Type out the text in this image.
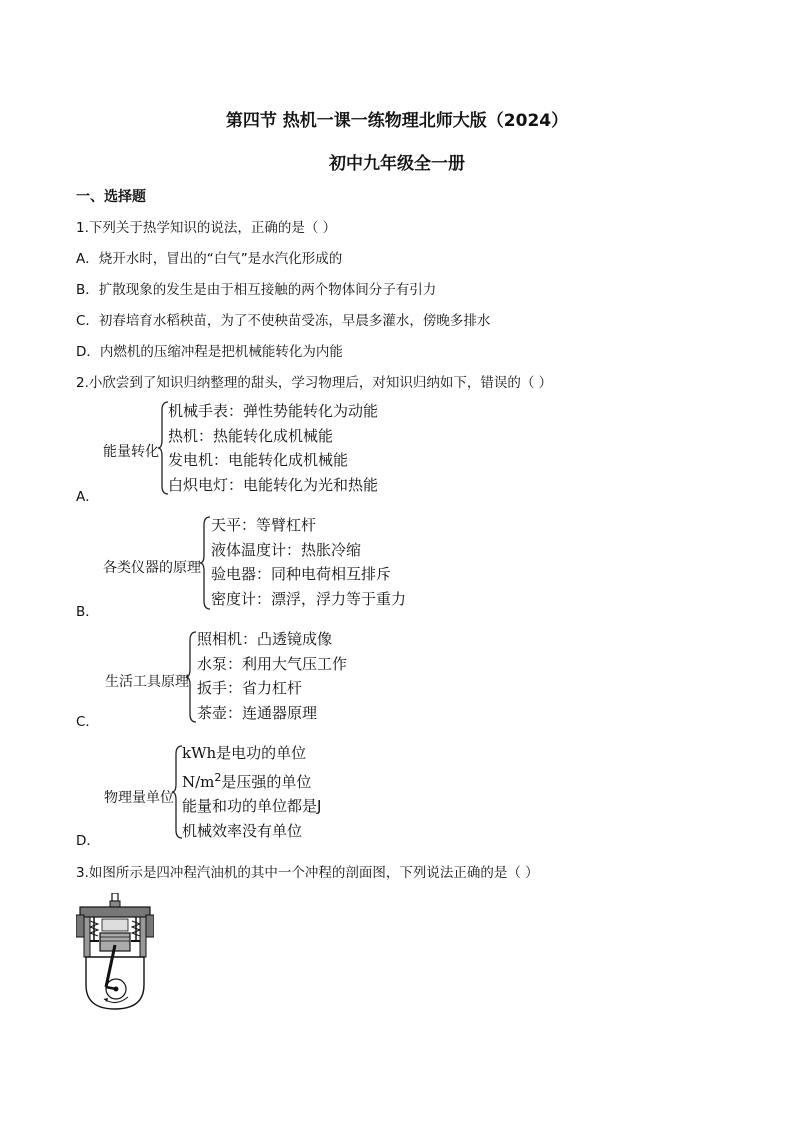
第四节 热机一课一练物理北师大版（2024）
初中九年级全一册
一、选择题
1.下列关于热学知识的说法，正确的是（ ）
A．烧开水时，冒出的“白气”是水汽化形成的
B．扩散现象的发生是由于相互接触的两个物体间分子有引力
C．初春培育水稻秧苗，为了不使秧苗受冻，早晨多灌水，傍晚多排水
D．内燃机的压缩冲程是把机械能转化为内能
2.小欣尝到了知识归纳整理的甜头，学习物理后，对知识归纳如下，错误的（ ）
能量转化
机械手表：弹性势能转化为动能
热机：热能转化成机械能
发电机：电能转化成机械能
白炽电灯：电能转化为光和热能
A．
各类仪器的原理
天平：等臂杠杆
液体温度计：热胀冷缩
验电器：同种电荷相互排斥
密度计：漂浮，浮力等于重力
B．
生活工具原理
照相机：凸透镜成像
水泵：利用大气压工作
扳手：省力杠杆
茶壶：连通器原理
C．
物理量单位
kWh是电功的单位
$N/m^2$是压强的单位
能量和功的单位都是J
机械效率没有单位
D．
3.如图所示是四冲程汽油机的其中一个冲程的剖面图，下列说法正确的是（ ）
